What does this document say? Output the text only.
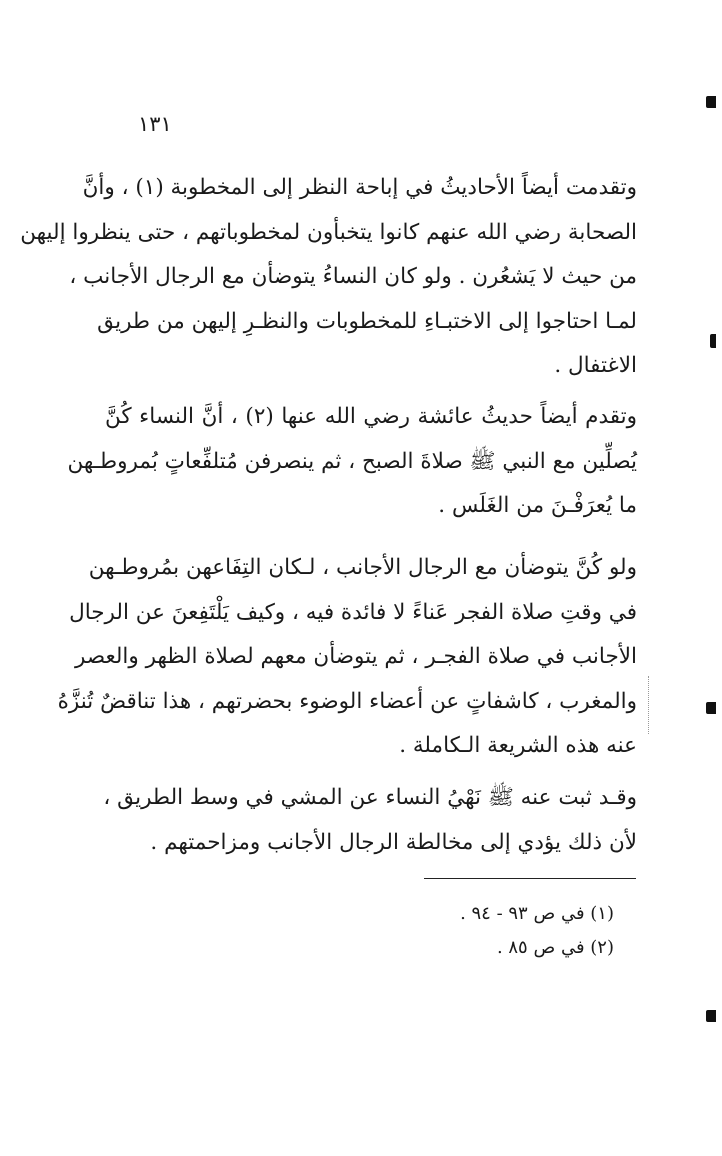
١٣١
وتقدمت أيضاً الأحاديثُ في إباحة النظر إلى المخطوبة (١) ، وأنَّ
الصحابة رضي الله عنهم كانوا يتخبأون لمخطوباتهم ، حتى ينظروا إليهن
من حيث لا يَشعُرن . ولو كان النساءُ يتوضأن مع الرجال الأجانب ،
لمـا احتاجوا إلى الاختبـاءِ للمخطوبات والنظـرِ إليهن من طريق
الاغتفال .
وتقدم أيضاً حديثُ عائشة رضي الله عنها (٢) ، أنَّ النساء كُنَّ
يُصلِّين مع النبي ﷺ صلاةَ الصبح ، ثم ينصرفن مُتلفِّعاتٍ بُمروطـهن
ما يُعرَفْـنَ من الغَلَس .
ولو كُنَّ يتوضأن مع الرجال الأجانب ، لـكان التِفَاعهن بمُروطـهن
في وقتِ صلاة الفجر عَناءً لا فائدة فيه ، وكيف يَلْتَفِعنَ عن الرجال
الأجانب في صلاة الفجـر ، ثم يتوضأن معهم لصلاة الظهر والعصر
والمغرب ، كاشفاتٍ عن أعضاء الوضوء بحضرتهم ، هذا تناقضٌ تُنزَّهُ
عنه هذه الشريعة الـكاملة .
وقـد ثبت عنه ﷺ نَهْيُ النساء عن المشي في وسط الطريق ،
لأن ذلك يؤدي إلى مخالطة الرجال الأجانب ومزاحمتهم .
(١) في ص ٩٣ - ٩٤ .
(٢) في ص ٨٥ .
